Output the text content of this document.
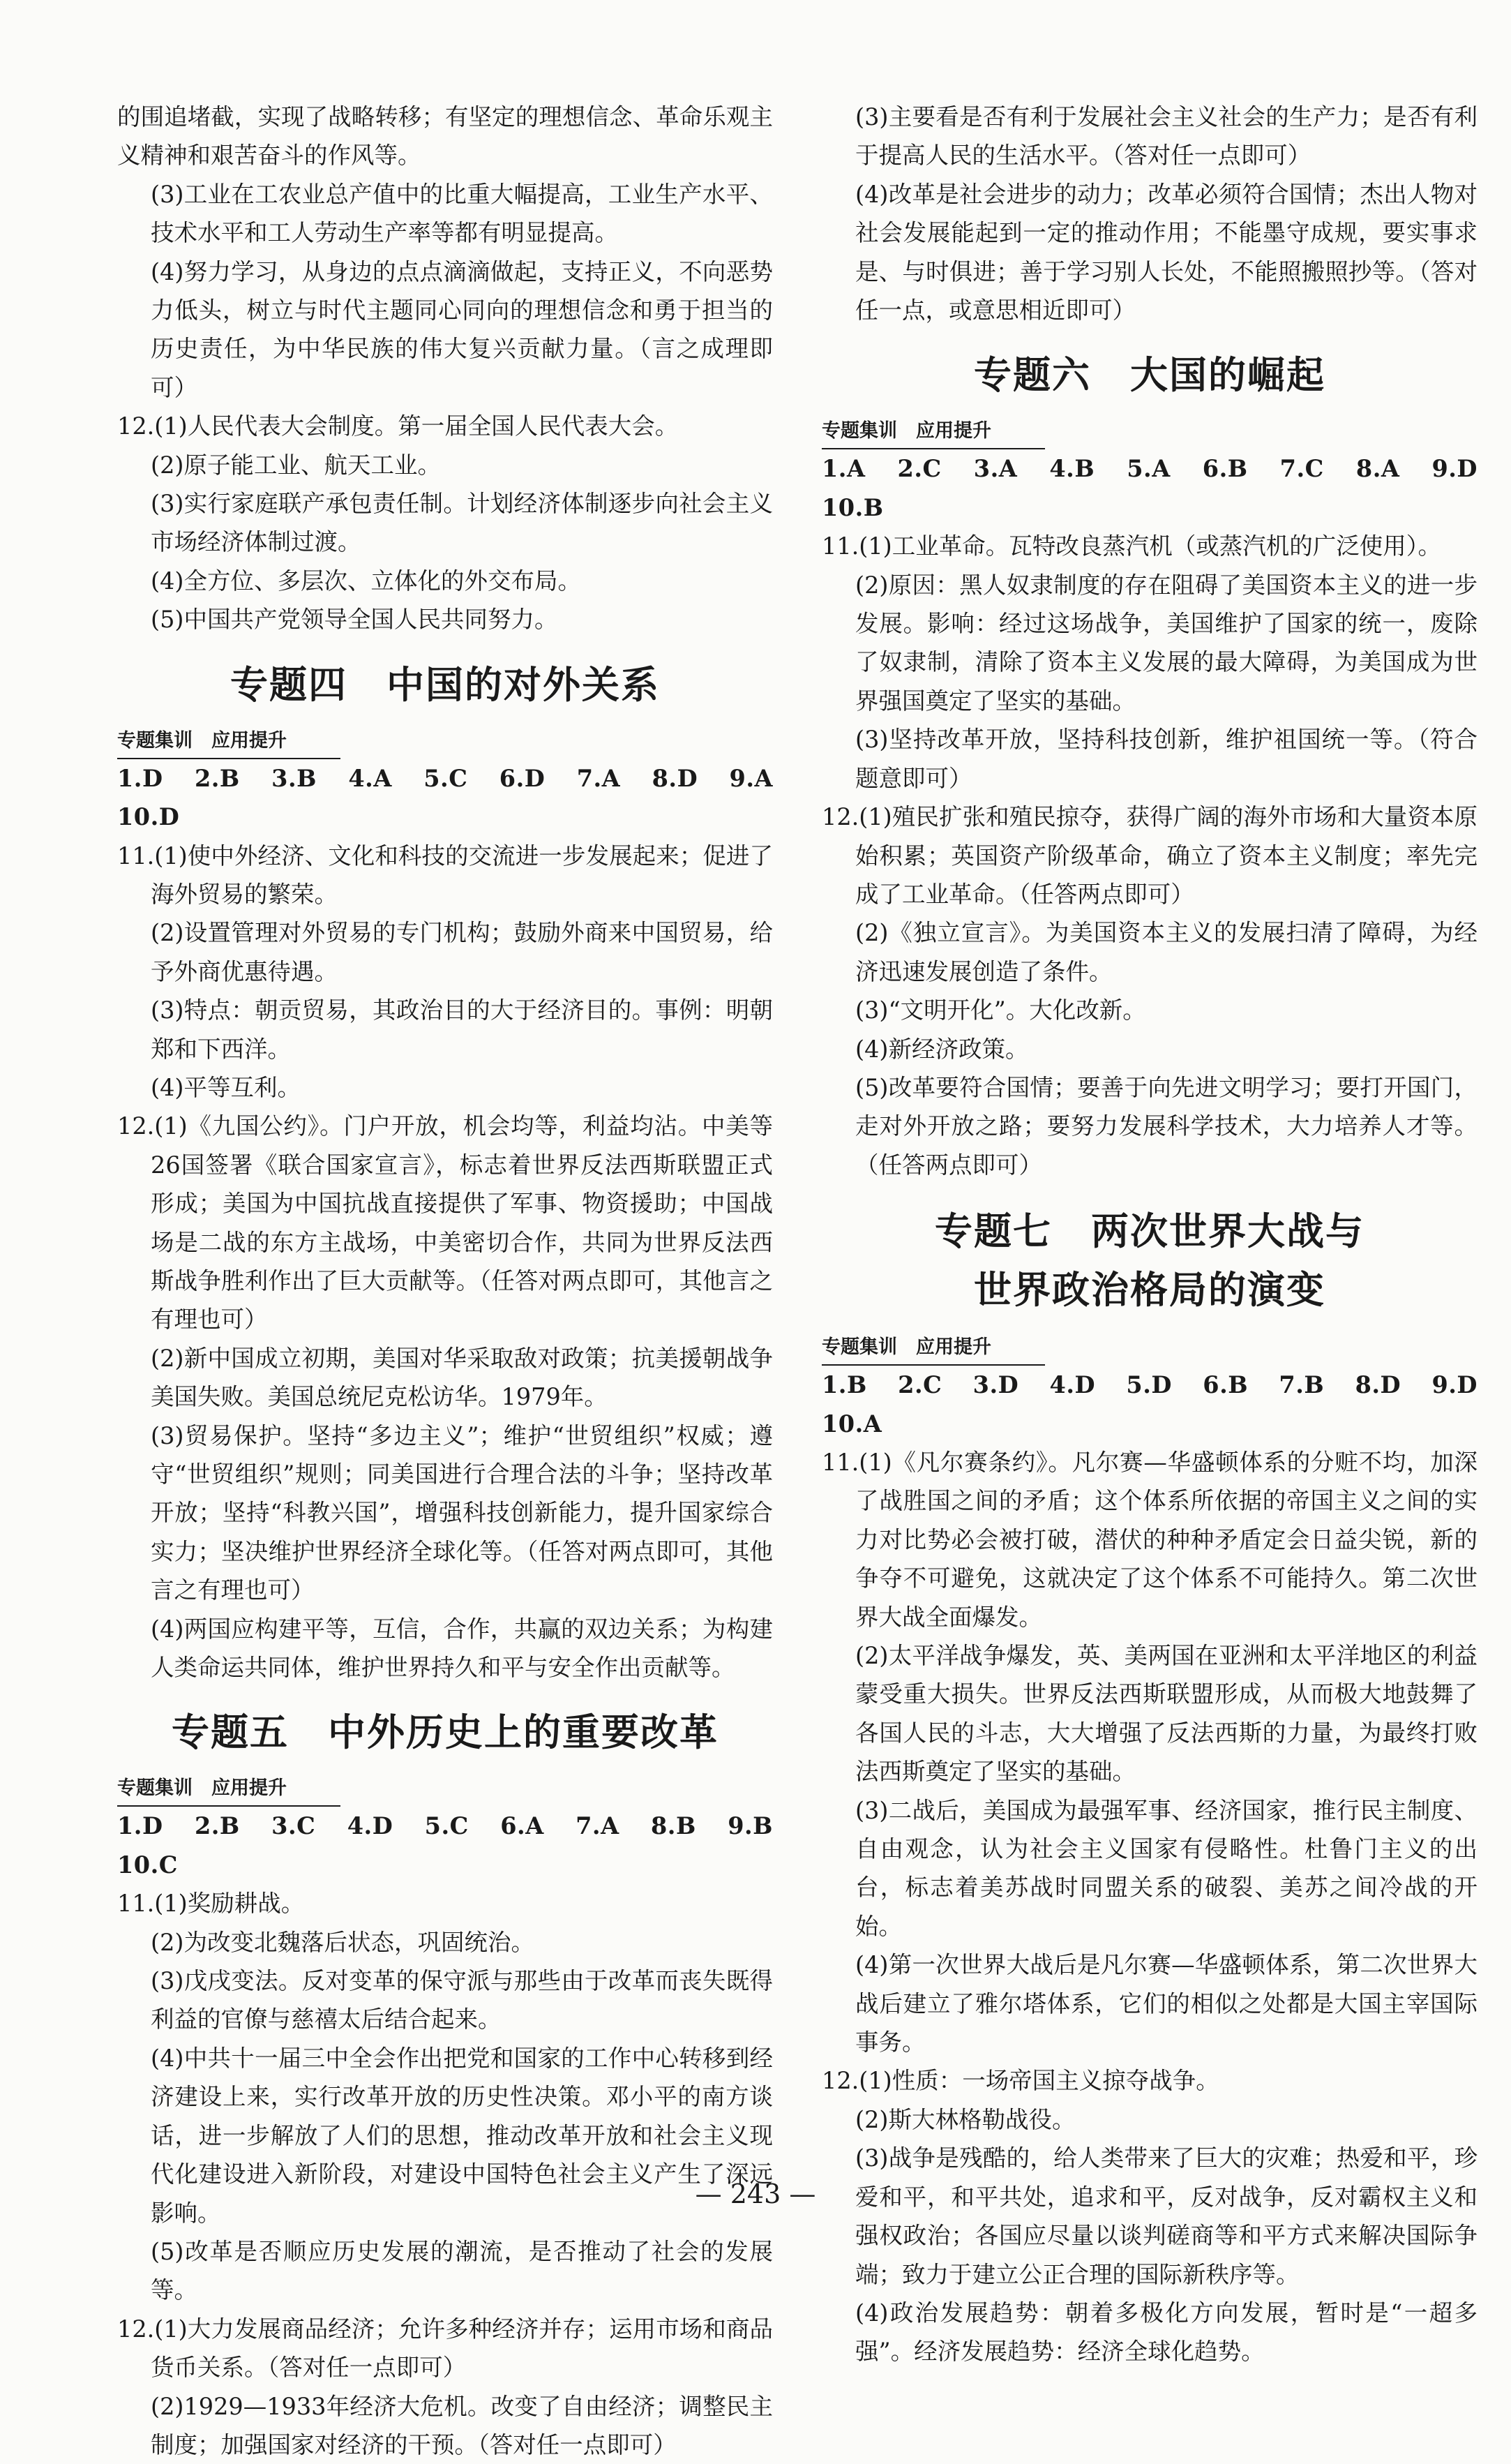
的围追堵截，实现了战略转移；有坚定的理想信念、革命乐观主义精神和艰苦奋斗的作风等。

(3)工业在工农业总产值中的比重大幅提高，工业生产水平、技术水平和工人劳动生产率等都有明显提高。

(4)努力学习，从身边的点点滴滴做起，支持正义，不向恶势力低头，树立与时代主题同心同向的理想信念和勇于担当的历史责任，为中华民族的伟大复兴贡献力量。（言之成理即可）

12.(1)人民代表大会制度。第一届全国人民代表大会。

(2)原子能工业、航天工业。

(3)实行家庭联产承包责任制。计划经济体制逐步向社会主义市场经济体制过渡。

(4)全方位、多层次、立体化的外交布局。

(5)中国共产党领导全国人民共同努力。

专题四　中国的对外关系
专题集训　应用提升

1.D　2.B　3.B　4.A　5.C　6.D　7.A　8.D　9.A　10.D

11.(1)使中外经济、文化和科技的交流进一步发展起来；促进了海外贸易的繁荣。

(2)设置管理对外贸易的专门机构；鼓励外商来中国贸易，给予外商优惠待遇。

(3)特点：朝贡贸易，其政治目的大于经济目的。事例：明朝郑和下西洋。

(4)平等互利。

12.(1)《九国公约》。门户开放，机会均等，利益均沾。中美等26国签署《联合国家宣言》，标志着世界反法西斯联盟正式形成；美国为中国抗战直接提供了军事、物资援助；中国战场是二战的东方主战场，中美密切合作，共同为世界反法西斯战争胜利作出了巨大贡献等。（任答对两点即可，其他言之有理也可）

(2)新中国成立初期，美国对华采取敌对政策；抗美援朝战争美国失败。美国总统尼克松访华。1979年。

(3)贸易保护。坚持“多边主义”；维护“世贸组织”权威；遵守“世贸组织”规则；同美国进行合理合法的斗争；坚持改革开放；坚持“科教兴国”，增强科技创新能力，提升国家综合实力；坚决维护世界经济全球化等。（任答对两点即可，其他言之有理也可）

(4)两国应构建平等，互信，合作，共赢的双边关系；为构建人类命运共同体，维护世界持久和平与安全作出贡献等。

专题五　中外历史上的重要改革
专题集训　应用提升

1.D　2.B　3.C　4.D　5.C　6.A　7.A　8.B　9.B　10.C

11.(1)奖励耕战。

(2)为改变北魏落后状态，巩固统治。

(3)戊戌变法。反对变革的保守派与那些由于改革而丧失既得利益的官僚与慈禧太后结合起来。

(4)中共十一届三中全会作出把党和国家的工作中心转移到经济建设上来，实行改革开放的历史性决策。邓小平的南方谈话，进一步解放了人们的思想，推动改革开放和社会主义现代化建设进入新阶段，对建设中国特色社会主义产生了深远影响。

(5)改革是否顺应历史发展的潮流，是否推动了社会的发展等。

12.(1)大力发展商品经济；允许多种经济并存；运用市场和商品货币关系。（答对任一点即可）

(2)1929—1933年经济大危机。改变了自由经济；调整民主制度；加强国家对经济的干预。（答对任一点即可）

(3)主要看是否有利于发展社会主义社会的生产力；是否有利于提高人民的生活水平。（答对任一点即可）

(4)改革是社会进步的动力；改革必须符合国情；杰出人物对社会发展能起到一定的推动作用；不能墨守成规，要实事求是、与时俱进；善于学习别人长处，不能照搬照抄等。（答对任一点，或意思相近即可）

专题六　大国的崛起
专题集训　应用提升

1.A　2.C　3.A　4.B　5.A　6.B　7.C　8.A　9.D　10.B

11.(1)工业革命。瓦特改良蒸汽机（或蒸汽机的广泛使用）。

(2)原因：黑人奴隶制度的存在阻碍了美国资本主义的进一步发展。影响：经过这场战争，美国维护了国家的统一，废除了奴隶制，清除了资本主义发展的最大障碍，为美国成为世界强国奠定了坚实的基础。

(3)坚持改革开放，坚持科技创新，维护祖国统一等。（符合题意即可）

12.(1)殖民扩张和殖民掠夺，获得广阔的海外市场和大量资本原始积累；英国资产阶级革命，确立了资本主义制度；率先完成了工业革命。（任答两点即可）

(2)《独立宣言》。为美国资本主义的发展扫清了障碍，为经济迅速发展创造了条件。

(3)“文明开化”。大化改新。

(4)新经济政策。

(5)改革要符合国情；要善于向先进文明学习；要打开国门，走对外开放之路；要努力发展科学技术，大力培养人才等。（任答两点即可）

专题七　两次世界大战与
世界政治格局的演变
专题集训　应用提升

1.B　2.C　3.D　4.D　5.D　6.B　7.B　8.D　9.D　10.A

11.(1)《凡尔赛条约》。凡尔赛—华盛顿体系的分赃不均，加深了战胜国之间的矛盾；这个体系所依据的帝国主义之间的实力对比势必会被打破，潜伏的种种矛盾定会日益尖锐，新的争夺不可避免，这就决定了这个体系不可能持久。第二次世界大战全面爆发。

(2)太平洋战争爆发，英、美两国在亚洲和太平洋地区的利益蒙受重大损失。世界反法西斯联盟形成，从而极大地鼓舞了各国人民的斗志，大大增强了反法西斯的力量，为最终打败法西斯奠定了坚实的基础。

(3)二战后，美国成为最强军事、经济国家，推行民主制度、自由观念，认为社会主义国家有侵略性。杜鲁门主义的出台，标志着美苏战时同盟关系的破裂、美苏之间冷战的开始。

(4)第一次世界大战后是凡尔赛—华盛顿体系，第二次世界大战后建立了雅尔塔体系，它们的相似之处都是大国主宰国际事务。

12.(1)性质：一场帝国主义掠夺战争。

(2)斯大林格勒战役。

(3)战争是残酷的，给人类带来了巨大的灾难；热爱和平，珍爱和平，和平共处，追求和平，反对战争，反对霸权主义和强权政治；各国应尽量以谈判磋商等和平方式来解决国际争端；致力于建立公正合理的国际新秩序等。

(4)政治发展趋势：朝着多极化方向发展，暂时是“一超多强”。经济发展趋势：经济全球化趋势。

— 243 —
